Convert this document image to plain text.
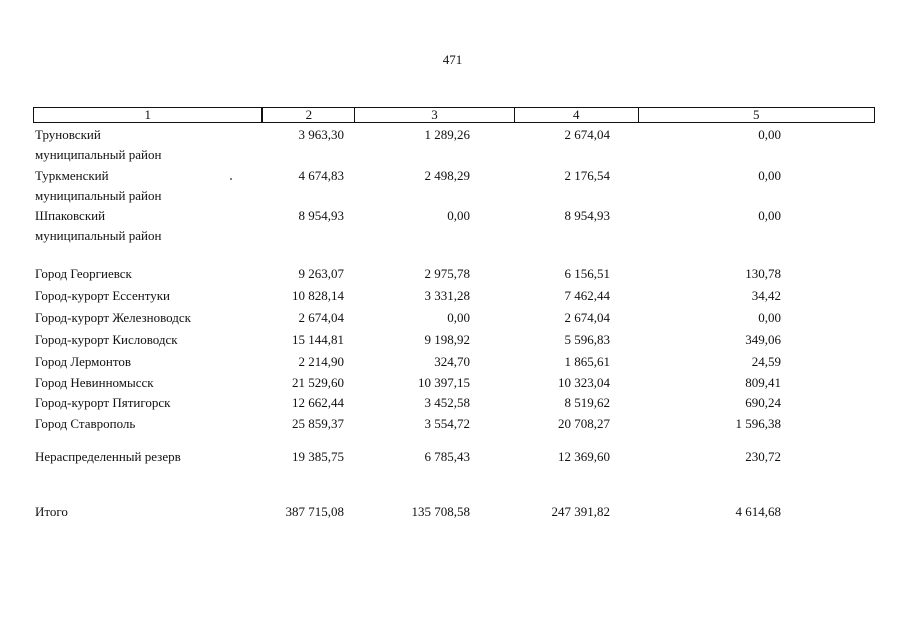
471
1	2	3	4	5
Труновский
муниципальный район
3 963,30	1 289,26	2 674,04	0,00
Туркменский
муниципальный район
4 674,83	2 498,29	2 176,54	0,00
Шпаковский
муниципальный район
8 954,93	0,00	8 954,93	0,00
Город Георгиевск	9 263,07	2 975,78	6 156,51	130,78
Город-курорт Ессентуки	10 828,14	3 331,28	7 462,44	34,42
Город-курорт Железноводск	2 674,04	0,00	2 674,04	0,00
Город-курорт Кисловодск	15 144,81	9 198,92	5 596,83	349,06
Город Лермонтов	2 214,90	324,70	1 865,61	24,59
Город Невинномысск	21 529,60	10 397,15	10 323,04	809,41
Город-курорт Пятигорск	12 662,44	3 452,58	8 519,62	690,24
Город Ставрополь	25 859,37	3 554,72	20 708,27	1 596,38
Нераспределенный резерв	19 385,75	6 785,43	12 369,60	230,72
Итого	387 715,08	135 708,58	247 391,82	4 614,68
